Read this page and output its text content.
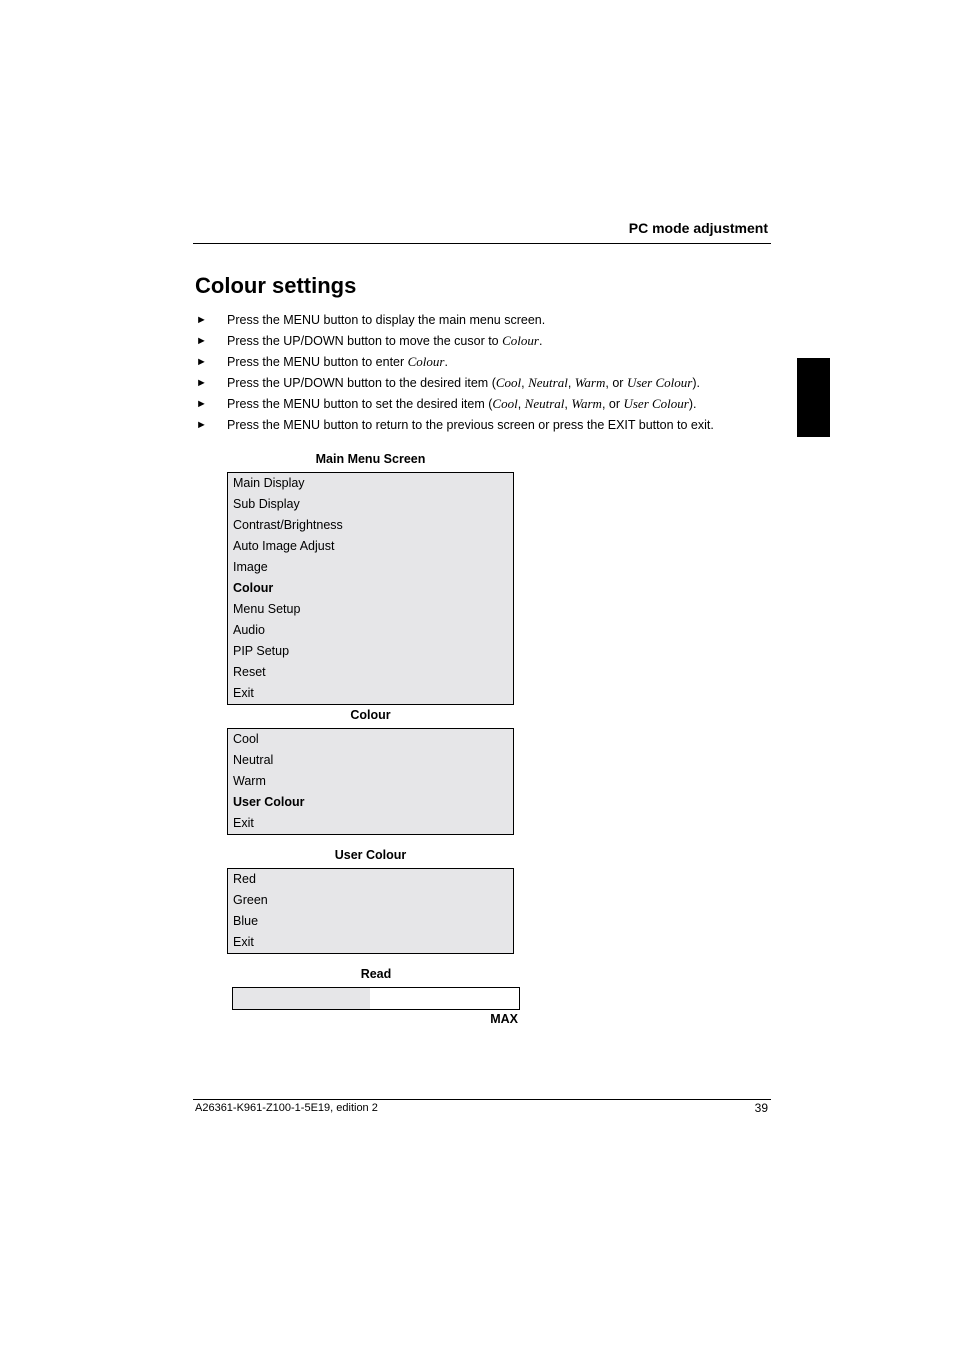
PC mode adjustment
Colour settings
► Press the MENU button to display the main menu screen.
► Press the UP/DOWN button to move the cusor to Colour.
► Press the MENU button to enter Colour.
► Press the UP/DOWN button to the desired item (Cool, Neutral, Warm, or User Colour).
► Press the MENU button to set the desired item (Cool, Neutral, Warm, or User Colour).
► Press the MENU button to return to the previous screen or press the EXIT button to exit.
Main Menu Screen
Main Display
Sub Display
Contrast/Brightness
Auto Image Adjust
Image
Colour
Menu Setup
Audio
PIP Setup
Reset
Exit
Colour
Cool
Neutral
Warm
User Colour
Exit
User Colour
Red
Green
Blue
Exit
Read
MAX
A26361-K961-Z100-1-5E19, edition 2	39
